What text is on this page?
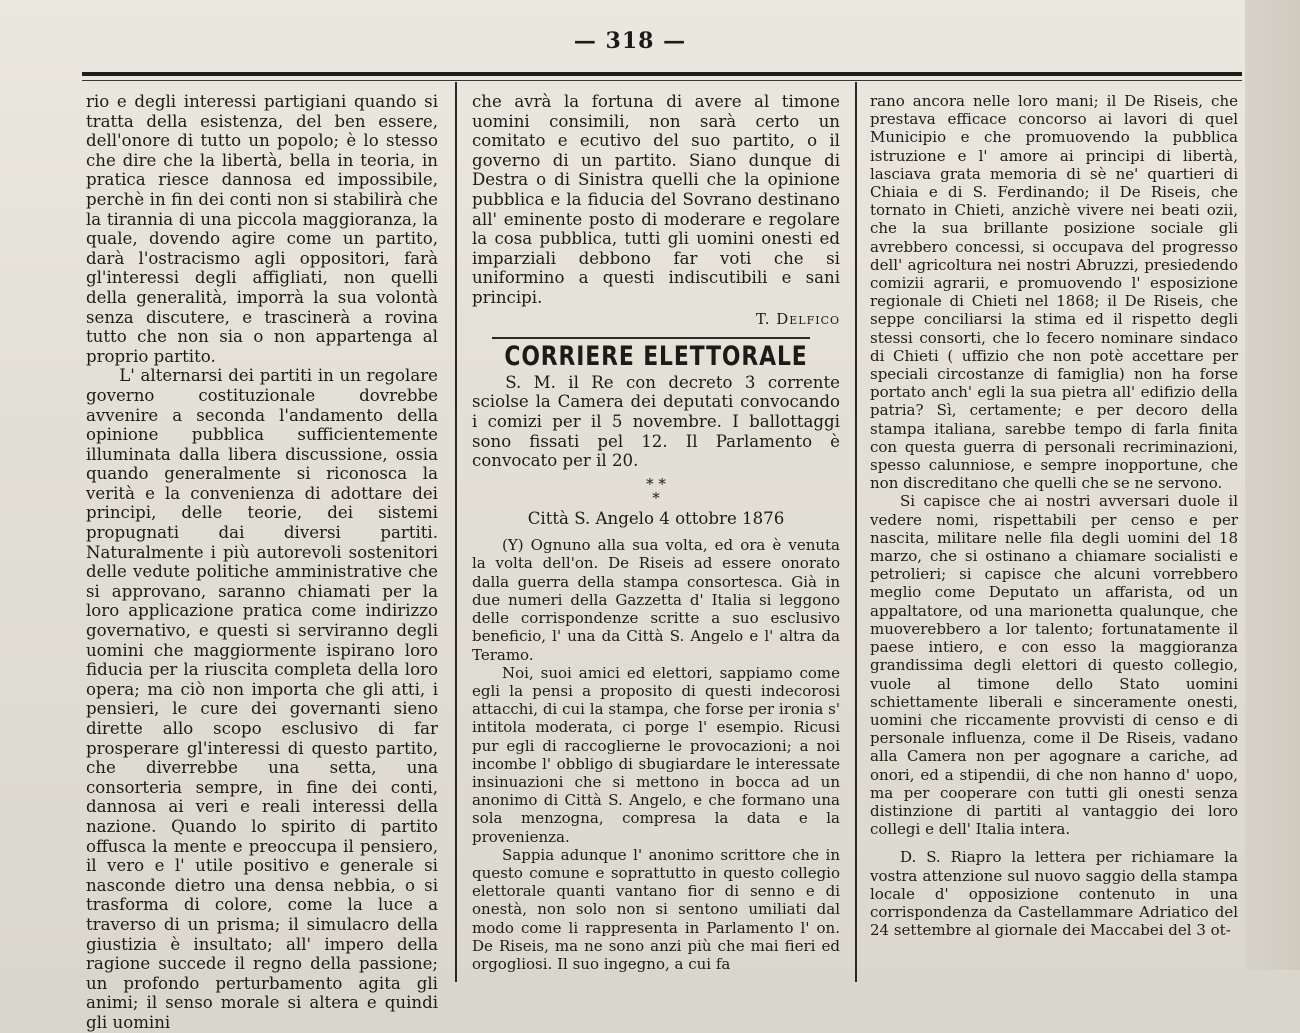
— 318 —

rio e degli interessi partigiani quando si tratta della esistenza, del ben essere, dell'onore di tutto un popolo; è lo stesso che dire che la libertà, bella in teoria, in pratica riesce dannosa ed impossibile, perchè in fin dei conti non si stabilirà che la tirannia di una piccola maggioranza, la quale, dovendo agire come un partito, darà l'ostracismo agli oppositori, farà gl'interessi degli affigliati, non quelli della generalità, imporrà la sua volontà senza discutere, e trascinerà a rovina tutto che non sia o non appartenga al proprio partito.

L' alternarsi dei partiti in un regolare governo costituzionale dovrebbe avvenire a seconda l'andamento della opinione pubblica sufficientemente illuminata dalla libera discussione, ossia quando generalmente si riconosca la verità e la convenienza di adottare dei principi, delle teorie, dei sistemi propugnati dai diversi partiti. Naturalmente i più autorevoli sostenitori delle vedute politiche amministrative che si approvano, saranno chiamati per la loro applicazione pratica come indirizzo governativo, e questi si serviranno degli uomini che maggiormente ispirano loro fiducia per la riuscita completa della loro opera; ma ciò non importa che gli atti, i pensieri, le cure dei governanti sieno dirette allo scopo esclusivo di far prosperare gl'interessi di questo partito, che diverrebbe una setta, una consorteria sempre, in fine dei conti, dannosa ai veri e reali interessi della nazione. Quando lo spirito di partito offusca la mente e preoccupa il pensiero, il vero e l' utile positivo e generale si nasconde dietro una densa nebbia, o si trasforma di colore, come la luce a traverso di un prisma; il simulacro della giustizia è insultato; all' impero della ragione succede il regno della passione; un profondo perturbamento agita gli animi; il senso morale si altera e quindi gli uomini

che avrà la fortuna di avere al timone uomini consimili, non sarà certo un comitato e ecutivo del suo partito, o il governo di un partito. Siano dunque di Destra o di Sinistra quelli che la opinione pubblica e la fiducia del Sovrano destinano all' eminente posto di moderare e regolare la cosa pubblica, tutti gli uomini onesti ed imparziali debbono far voti che si uniformino a questi indiscutibili e sani principi.

T. Delfico
CORRIERE ELETTORALE

S. M. il Re con decreto 3 corrente sciolse la Camera dei deputati convocando i comizi per il 5 novembre. I ballottaggi sono fissati pel 12. Il Parlamento è convocato per il 20.

* *
*
Città S. Angelo 4 ottobre 1876

(Y) Ognuno alla sua volta, ed ora è venuta la volta dell'on. De Riseis ad essere onorato dalla guerra della stampa consortesca. Già in due numeri della Gazzetta d' Italia si leggono delle corrispondenze scritte a suo esclusivo beneficio, l' una da Città S. Angelo e l' altra da Teramo.

Noi, suoi amici ed elettori, sappiamo come egli la pensi a proposito di questi indecorosi attacchi, di cui la stampa, che forse per ironia s' intitola moderata, ci porge l' esempio. Ricusi pur egli di raccoglierne le provocazioni; a noi incombe l' obbligo di sbugiardare le interessate insinuazioni che si mettono in bocca ad un anonimo di Città S. Angelo, e che formano una sola menzogna, compresa la data e la provenienza.

Sappia adunque l' anonimo scrittore che in questo comune e soprattutto in questo collegio elettorale quanti vantano fior di senno e di onestà, non solo non si sentono umiliati dal modo come li rappresenta in Parlamento l' on. De Riseis, ma ne sono anzi più che mai fieri ed orgogliosi. Il suo ingegno, a cui fa

rano ancora nelle loro mani; il De Riseis, che prestava efficace concorso ai lavori di quel Municipio e che promuovendo la pubblica istruzione e l' amore ai principi di libertà, lasciava grata memoria di sè ne' quartieri di Chiaia e di S. Ferdinando; il De Riseis, che tornato in Chieti, anzichè vivere nei beati ozii, che la sua brillante posizione sociale gli avrebbero concessi, si occupava del progresso dell' agricoltura nei nostri Abruzzi, presiedendo comizii agrarii, e promuovendo l' esposizione regionale di Chieti nel 1868; il De Riseis, che seppe conciliarsi la stima ed il rispetto degli stessi consorti, che lo fecero nominare sindaco di Chieti ( uffizio che non potè accettare per speciali circostanze di famiglia) non ha forse portato anch' egli la sua pietra all' edifizio della patria? Sì, certamente; e per decoro della stampa italiana, sarebbe tempo di farla finita con questa guerra di personali recriminazioni, spesso calunniose, e sempre inopportune, che non discreditano che quelli che se ne servono.

Si capisce che ai nostri avversari duole il vedere nomi, rispettabili per censo e per nascita, militare nelle fila degli uomini del 18 marzo, che si ostinano a chiamare socialisti e petrolieri; si capisce che alcuni vorrebbero meglio come Deputato un affarista, od un appaltatore, od una marionetta qualunque, che muoverebbero a lor talento; fortunatamente il paese intiero, e con esso la maggioranza grandissima degli elettori di questo collegio, vuole al timone dello Stato uomini schiettamente liberali e sinceramente onesti, uomini che riccamente provvisti di censo e di personale influenza, come il De Riseis, vadano alla Camera non per agognare a cariche, ad onori, ed a stipendii, di che non hanno d' uopo, ma per cooperare con tutti gli onesti senza distinzione di partiti al vantaggio dei loro collegi e dell' Italia intera.

D. S. Riapro la lettera per richiamare la vostra attenzione sul nuovo saggio della stampa locale d' opposizione contenuto in una corrispondenza da Castellammare Adriatico del 24 settembre al giornale dei Maccabei del 3 ot-
